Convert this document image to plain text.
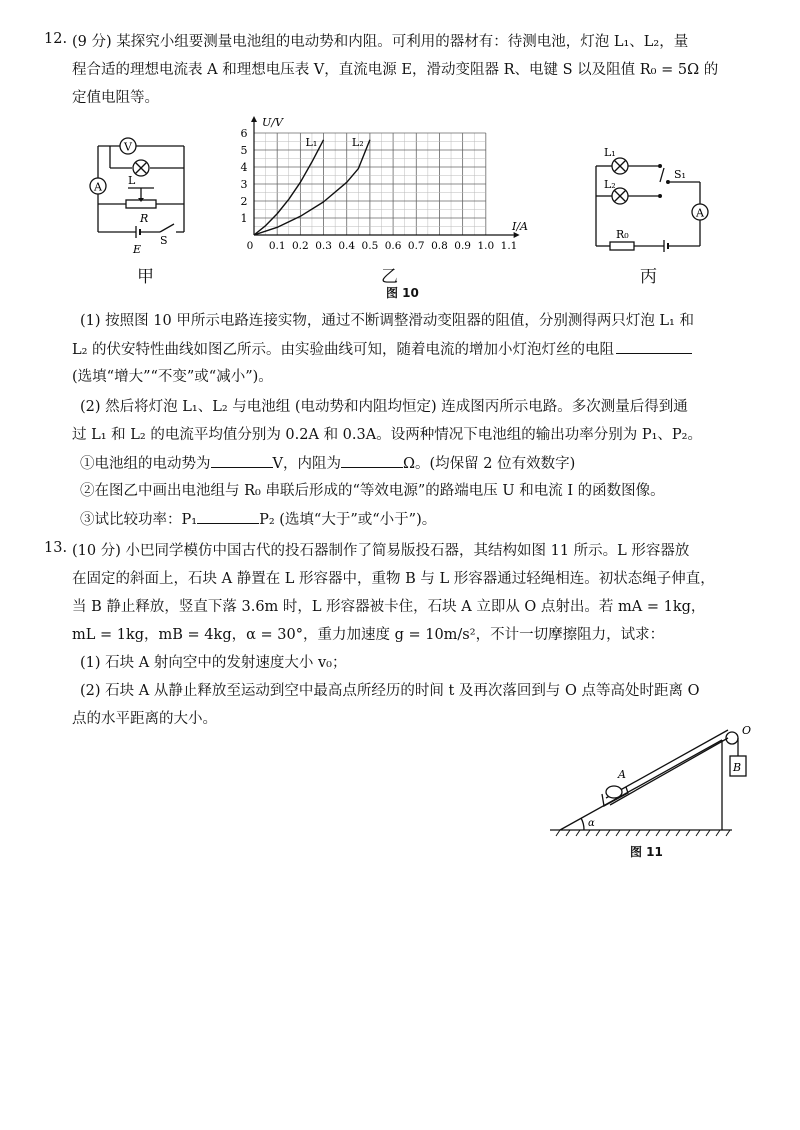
12. (9 分) 某探究小组要测量电池组的电动势和内阻。可利用的器材有：待测电池，灯泡 L₁、L₂，量
程合适的理想电流表 A 和理想电压表 V，直流电源 E，滑动变阻器 R、电键 S 以及阻值 R₀ = 5Ω 的
定值电阻等。
V
A L
R
E
S
甲
L₁	L₂
1
2
3
4
5
6
0 0.1 0.2 0.3 0.4 0.5 0.6 0.7 0.8 0.9 1.0 1.1
U/V
I/A
乙
A
L₁
L₂
S₁
R₀
丙
图 10
(1) 按照图 10 甲所示电路连接实物，通过不断调整滑动变阻器的阻值，分别测得两只灯泡 L₁ 和
L₂ 的伏安特性曲线如图乙所示。由实验曲线可知，随着电流的增加小灯泡灯丝的电阻
(选填“增大”“不变”或“减小”)。
(2) 然后将灯泡 L₁、L₂ 与电池组 (电动势和内阻均恒定) 连成图丙所示电路。多次测量后得到通
过 L₁ 和 L₂ 的电流平均值分别为 0.2A 和 0.3A。设两种情况下电池组的输出功率分别为 P₁、P₂。
①电池组的电动势为	V，内阻为	Ω。(均保留 2 位有效数字)
②在图乙中画出电池组与 R₀ 串联后形成的“等效电源”的路端电压 U 和电流 I 的函数图像。
③试比较功率：P₁	P₂ (选填“大于”或“小于”)。
13. (10 分) 小巴同学模仿中国古代的投石器制作了简易版投石器，其结构如图 11 所示。L 形容器放
在固定的斜面上，石块 A 静置在 L 形容器中，重物 B 与 L 形容器通过轻绳相连。初状态绳子伸直，
当 B 静止释放，竖直下落 3.6m 时，L 形容器被卡住，石块 A 立即从 O 点射出。若 mA = 1kg，
mL = 1kg，mB = 4kg，α = 30°，重力加速度 g = 10m/s²，不计一切摩擦阻力，试求：
(1) 石块 A 射向空中的发射速度大小 v₀；
(2) 石块 A 从静止释放至运动到空中最高点所经历的时间 t 及再次落回到与 O 点等高处时距离 O
点的水平距离的大小。
A
B
O
α
图 11
